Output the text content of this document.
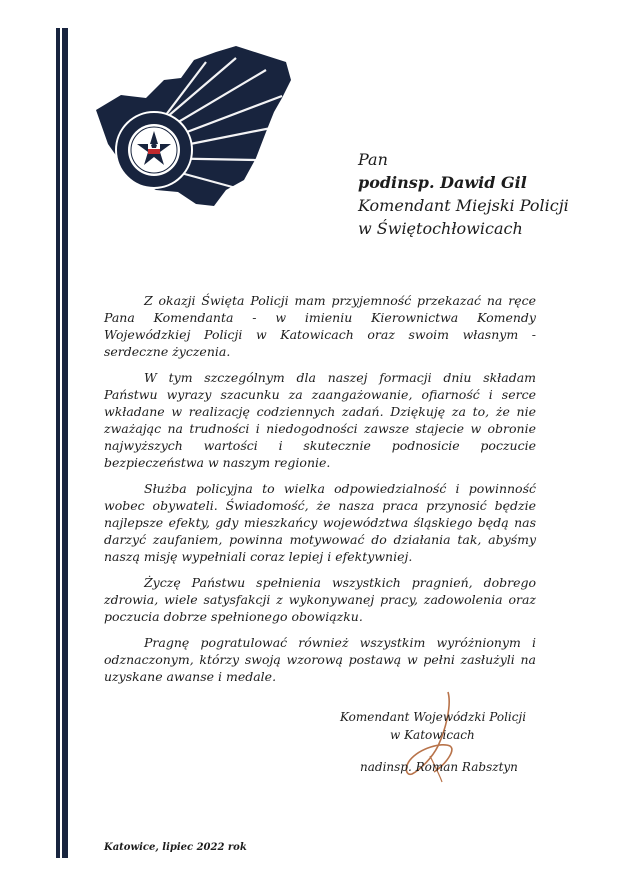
Pan
podinsp. Dawid Gil
Komendant Miejski Policji
w Świętochłowicach

Z okazji Święta Policji mam przyjemność przekazać na ręce Pana Komendanta - w imieniu Kierownictwa Komendy Wojewódzkiej Policji w Katowicach oraz swoim własnym - serdeczne życzenia.

W tym szczególnym dla naszej formacji dniu składam Państwu wyrazy szacunku za zaangażowanie, ofiarność i serce wkładane w realizację codziennych zadań. Dziękuję za to, że nie zważając na trudności i niedogodności zawsze stajecie w obronie najwyższych wartości i skutecznie podnosicie poczucie bezpieczeństwa w naszym regionie.

Służba policyjna to wielka odpowiedzialność i powinność wobec obywateli. Świadomość, że nasza praca przynosić będzie najlepsze efekty, gdy mieszkańcy województwa śląskiego będą nas darzyć zaufaniem, powinna motywować do działania tak, abyśmy naszą misję wypełniali coraz lepiej i efektywniej.

Życzę Państwu spełnienia wszystkich pragnień, dobrego zdrowia, wiele satysfakcji z wykonywanej pracy, zadowolenia oraz poczucia dobrze spełnionego obowiązku.

Pragnę pogratulować również wszystkim wyróżnionym i odznaczonym, którzy swoją wzorową postawą w pełni zasłużyli na uzyskane awanse i medale.

Komendant Wojewódzki Policji
w Katowicach
nadinsp. Roman Rabsztyn
Katowice, lipiec 2022 rok
